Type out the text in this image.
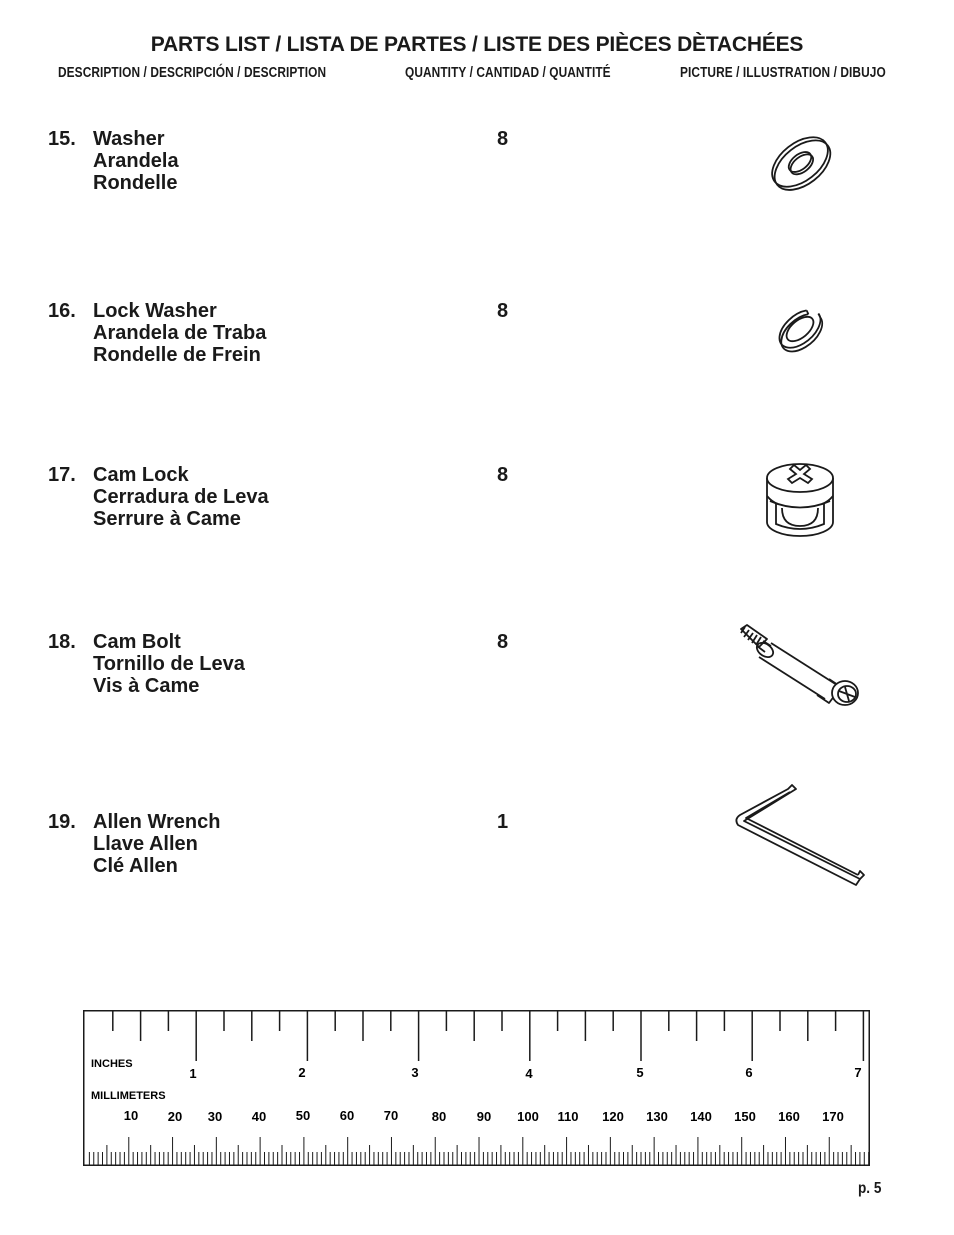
PARTS LIST / LISTA DE PARTES / LISTE DES PIÈCES DÈTACHÉES
DESCRIPTION / DESCRIPCIÓN / DESCRIPTION	QUANTITY / CANTIDAD / QUANTITÉ	PICTURE / ILLUSTRATION / DIBUJO
15. Washer
Arandela
Rondelle
8
16. Lock Washer
Arandela de Traba
Rondelle de Frein
8
17. Cam Lock
Cerradura de Leva
Serrure à Came
8
18. Cam Bolt
Tornillo de Leva
Vis à Came
8
19. Allen Wrench
Llave Allen
Clé Allen
1
INCHES
MILLIMETERS
1	2	3	4	5	6	7
10 20 30 40 50 60 70	80 90 100 110 120 130 140 150 160 170
p. 5
